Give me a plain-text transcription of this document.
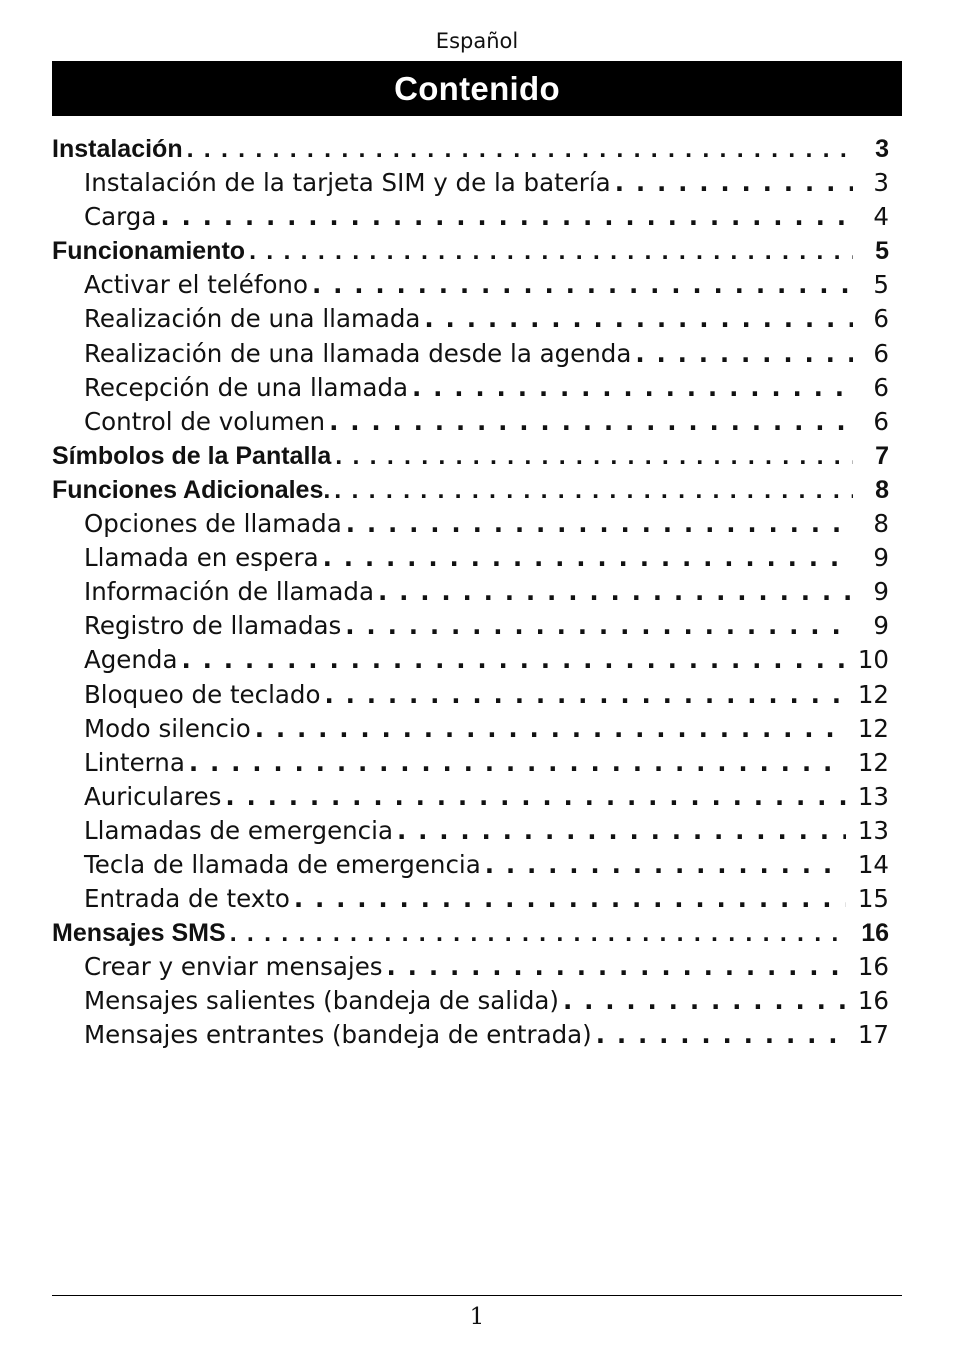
Español
Contenido
Instalación . . .	3
Instalación de la tarjeta SIM y de la batería . . .	3
Carga . . .	4
Funcionamiento . . .	5
Activar el teléfono . . .	5
Realización de una llamada . . .	6
Realización de una llamada desde la agenda . . .	6
Recepción de una llamada . . .	6
Control de volumen . . .	6
Símbolos de la Pantalla . . .	7
Funciones Adicionales. . . .	8
Opciones de llamada . . .	8
Llamada en espera . . .	9
Información de llamada . . .	9
Registro de llamadas . . .	9
Agenda . . .	10
Bloqueo de teclado . . .	12
Modo silencio . . .	12
Linterna . . .	12
Auriculares . . .	13
Llamadas de emergencia . . .	13
Tecla de llamada de emergencia . . .	14
Entrada de texto . . .	15
Mensajes SMS . . .	16
Crear y enviar mensajes . . .	16
Mensajes salientes (bandeja de salida) . . .	16
Mensajes entrantes (bandeja de entrada) . . .	17
1
